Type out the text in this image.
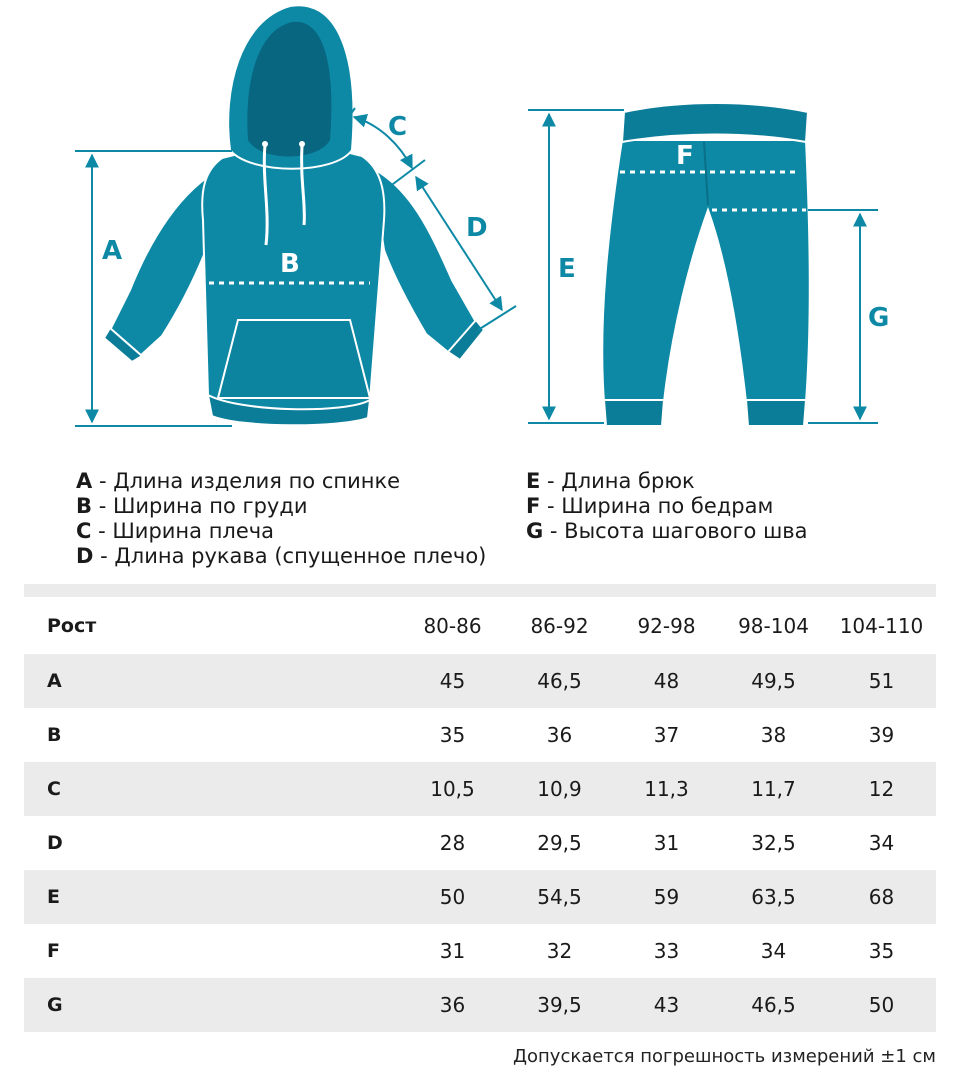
A	B
C
D
E
F
G
A - Длина изделия по спинке
B - Ширина по груди
C - Ширина плеча
D - Длина рукава (спущенное плечо)
E - Длина брюк
F - Ширина по бедрам
G - Высота шагового шва
Рост	80-86	86-92	92-98	98-104	104-110
A	45	46,5	48	49,5	51
B	35	36	37	38	39
C	10,5	10,9	11,3	11,7	12
D	28	29,5	31	32,5	34
E	50	54,5	59	63,5	68
F	31	32	33	34	35
G	36	39,5	43	46,5	50
Допускается погрешность измерений ±1 см
